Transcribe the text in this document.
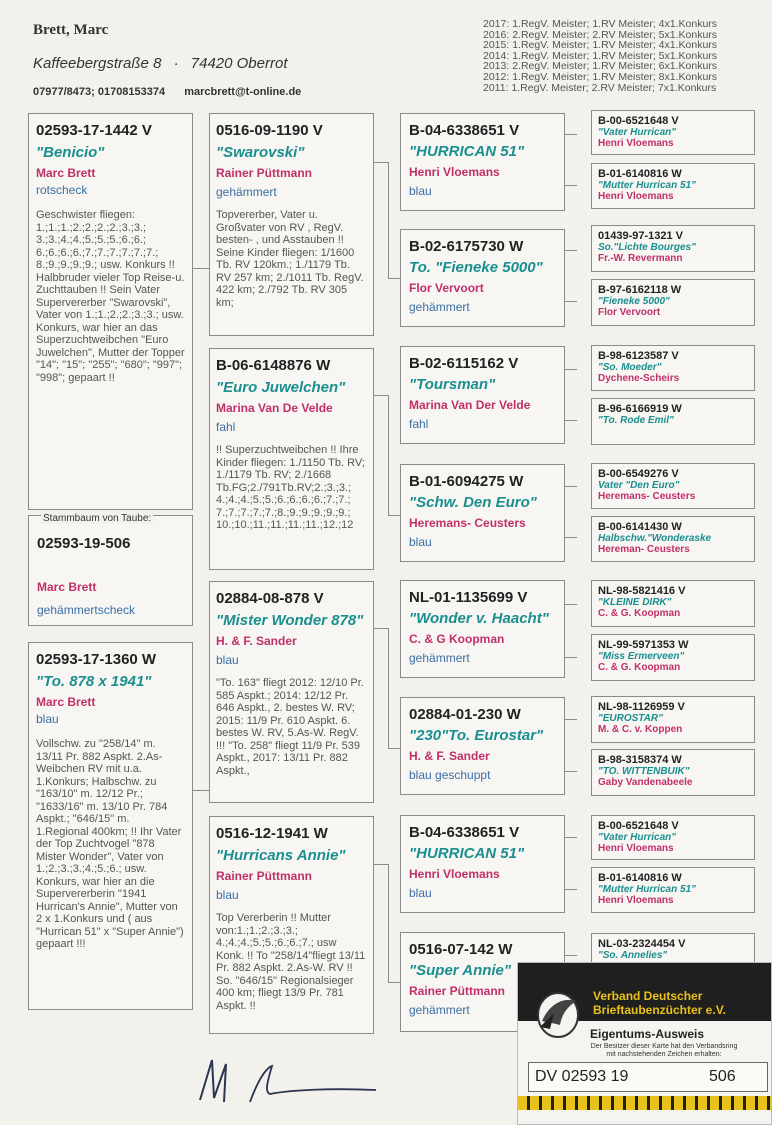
Brett, Marc
Kaffeebergstraße 8 · 74420 Oberrot
07977/8473; 01708153374 marcbrett@t-online.de
2017: 1.RegV. Meister; 1.RV Meister; 4x1.Konkurs
2016: 2.RegV. Meister; 2.RV Meister; 5x1.Konkurs
2015: 1.RegV. Meister; 1.RV Meister; 4x1.Konkurs
2014: 1.RegV. Meister; 1.RV Meister; 5x1.Konkurs
2013: 2.RegV. Meister; 1.RV Meister; 6x1.Konkurs
2012: 1.RegV. Meister; 1.RV Meister; 8x1.Konkurs
2011: 1.RegV. Meister; 2.RV Meister; 7x1.Konkurs
Stammbaum von Taube:
02593-19-506
Marc Brett
gehämmertscheck
02593-17-1442 V
"Benicio"
Marc Brett
rotscheck
Geschwister fliegen: 1.;1.;1.;2.;2.;2.;2.;3.;3.; 3.;3.;4.;4.;5.;5.;5.;6.;6.; 6.;6.;6.;6.;7.;7.;7.;7.;7.;7.; 8.;9.;9.;9.;9.; usw. Konkurs !! Halbbruder vieler Top Reise-u. Zuchttauben !! Sein Vater Supervererber "Swarovski", Vater von 1.;1.;2.;2.;3.;3.; usw. Konkurs, war hier an das Superzuchtweibchen "Euro Juwelchen", Mutter der Topper "14"; "15"; "255"; "680"; "997"; "998"; gepaart !!
02593-17-1360 W
"To. 878 x 1941"
Marc Brett
blau
Vollschw. zu "258/14" m. 13/11 Pr. 882 Aspkt. 2.As-Weibchen RV mit u.a. 1.Konkurs; Halbschw. zu "163/10" m. 12/12 Pr.; "1633/16" m. 13/10 Pr. 784 Aspkt.; "646/15" m. 1.Regional 400km; !! Ihr Vater der Top Zuchtvogel "878 Mister Wonder", Vater von 1.;2.;3.;3.;4.;5.;6.; usw. Konkurs, war hier an die Supervererberin "1941 Hurrican's Annie", Mutter von 2 x 1.Konkurs und ( aus "Hurrican 51" x "Super Annie") gepaart !!!
0516-09-1190 V
"Swarovski"
Rainer Püttmann
gehämmert
Topvererber, Vater u. Großvater von RV , RegV. besten- , und Asstauben !! Seine Kinder fliegen: 1/1600 Tb. RV 120km.; 1./1179 Tb. RV 257 km; 2./1011 Tb. RegV. 422 km; 2./792 Tb. RV 305 km;
B-06-6148876 W
"Euro Juwelchen"
Marina Van De Velde
fahl
!! Superzuchtweibchen !! Ihre Kinder fliegen: 1./1150 Tb. RV; 1./1179 Tb. RV; 2./1668 Tb.FG;2./791Tb.RV;2.;3.;3.; 4.;4.;4.;5.;5.;6.;6.;6.;6.;7.;7.; 7.;7.;7.;7.;7.;8.;9.;9.;9.;9.;9.; 10.;10.;11.;11.;11.;11.;12.;12
02884-08-878 V
"Mister Wonder 878"
H. & F. Sander
blau
"To. 163" fliegt 2012: 12/10 Pr. 585 Aspkt.; 2014: 12/12 Pr. 646 Aspkt., 2. bestes W. RV; 2015: 11/9 Pr. 610 Aspkt. 6. bestes W. RV, 5.As-W. RegV. !!! "To. 258" fliegt 11/9 Pr. 539 Aspkt., 2017: 13/11 Pr. 882 Aspkt.,
0516-12-1941 W
"Hurricans Annie"
Rainer Püttmann
blau
Top Vererberin !! Mutter von:1.;1.;2.;3.;3.; 4.;4.;4.;5.;5.;6.;6.;7.; usw Konk. !! To "258/14"fliegt 13/11 Pr. 882 Aspkt. 2.As-W. RV !! So. "646/15" Regionalsieger 400 km; fliegt 13/9 Pr. 781 Aspkt. !!
B-04-6338651 V
"HURRICAN 51"
Henri Vloemans
blau
B-02-6175730 W
To. "Fieneke 5000"
Flor Vervoort
gehämmert
B-02-6115162 V
"Toursman"
Marina Van Der Velde
fahl
B-01-6094275 W
"Schw. Den Euro"
Heremans- Ceusters
blau
NL-01-1135699 V
"Wonder v. Haacht"
C. & G Koopman
gehämmert
02884-01-230 W
"230"To. Eurostar"
H. & F. Sander
blau geschuppt
B-04-6338651 V
"HURRICAN 51"
Henri Vloemans
blau
0516-07-142 W
"Super Annie"
Rainer Püttmann
gehämmert
B-00-6521648 V
"Vater Hurrican"
Henri Vloemans
B-01-6140816 W
"Mutter Hurrican 51"
Henri Vloemans
01439-97-1321 V
So."Lichte Bourges"
Fr.-W. Revermann
B-97-6162118 W
"Fieneke 5000"
Flor Vervoort
B-98-6123587 V
"So. Moeder"
Dychene-Scheirs
B-96-6166919 W
"To. Rode Emil"
B-00-6549276 V
Vater "Den Euro"
Heremans- Ceusters
B-00-6141430 W
Halbschw."Wonderaske
Hereman- Ceusters
NL-98-5821416 V
"KLEINE DIRK"
C. & G. Koopman
NL-99-5971353 W
"Miss Ermerveen"
C. & G. Koopman
NL-98-1126959 V
"EUROSTAR"
M. & C. v. Koppen
B-98-3158374 W
"TO. WITTENBUIK"
Gaby Vandenabeele
B-00-6521648 V
"Vater Hurrican"
Henri Vloemans
B-01-6140816 W
"Mutter Hurrican 51"
Henri Vloemans
NL-03-2324454 V
"So. Annelies"
Verband Deutscher
Brieftaubenzüchter e.V.
Eigentums-Ausweis
Der Besitzer dieser Karte hat den Verbandsring
mit nachstehenden Zeichen erhalten:
DV 02593 19	506
